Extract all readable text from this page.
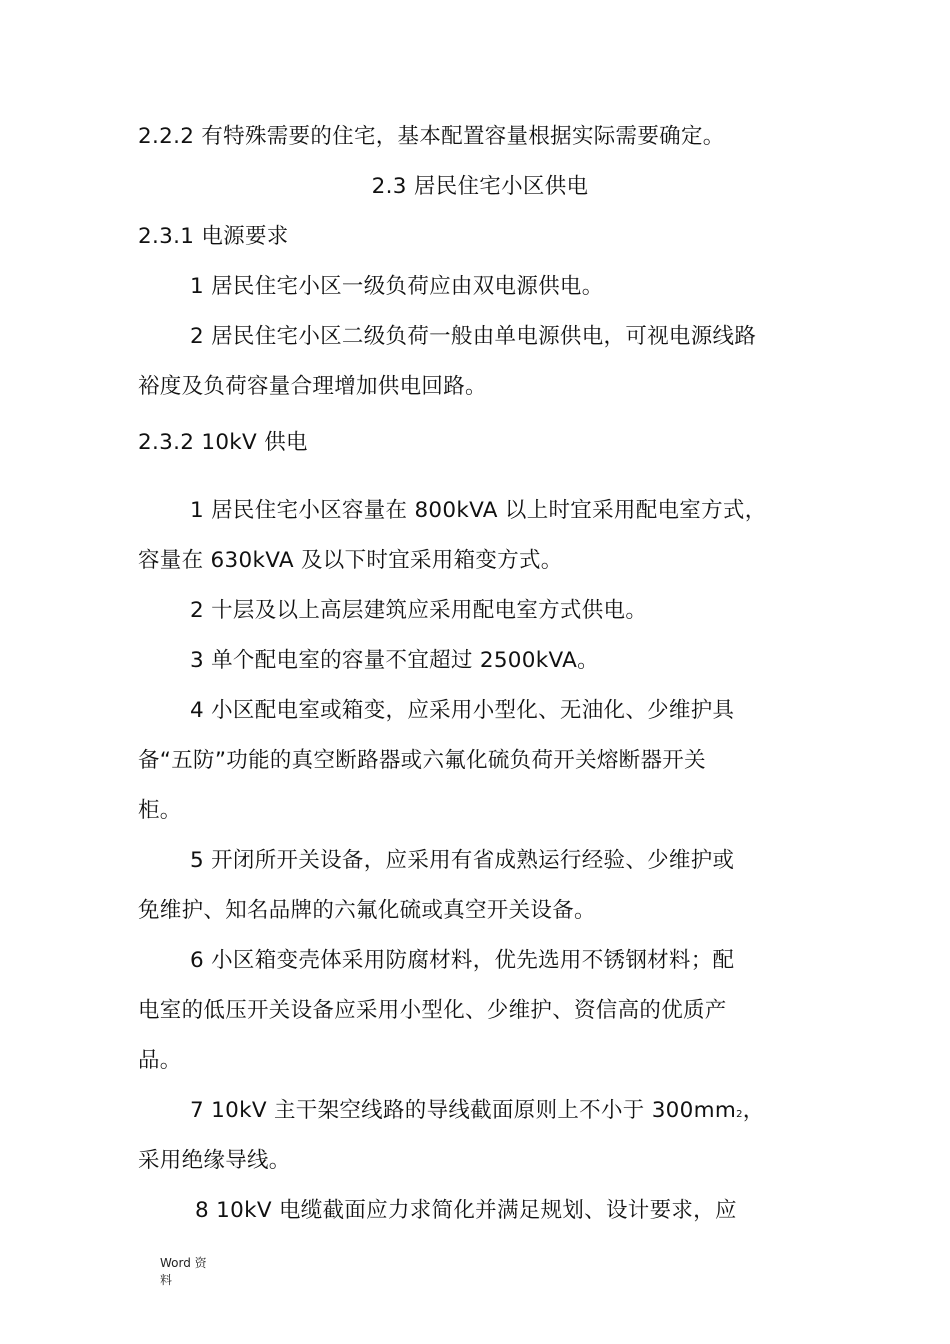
2.2.2 有特殊需要的住宅，基本配置容量根据实际需要确定。
2.3 居民住宅小区供电
2.3.1 电源要求
1 居民住宅小区一级负荷应由双电源供电。
2 居民住宅小区二级负荷一般由单电源供电，可视电源线路
裕度及负荷容量合理增加供电回路。
2.3.2 10kV 供电
1 居民住宅小区容量在 800kVA 以上时宜采用配电室方式，
容量在 630kVA 及以下时宜采用箱变方式。
2 十层及以上高层建筑应采用配电室方式供电。
3 单个配电室的容量不宜超过 2500kVA。
4 小区配电室或箱变，应采用小型化、无油化、少维护具
备“五防”功能的真空断路器或六氟化硫负荷开关熔断器开关
柜。
5 开闭所开关设备，应采用有省成熟运行经验、少维护或
免维护、知名品牌的六氟化硫或真空开关设备。
6 小区箱变壳体采用防腐材料，优先选用不锈钢材料；配
电室的低压开关设备应采用小型化、少维护、资信高的优质产
品。
7 10kV 主干架空线路的导线截面原则上不小于 300mm2，
采用绝缘导线。
8 10kV 电缆截面应力求简化并满足规划、设计要求，应
Word 资
料
